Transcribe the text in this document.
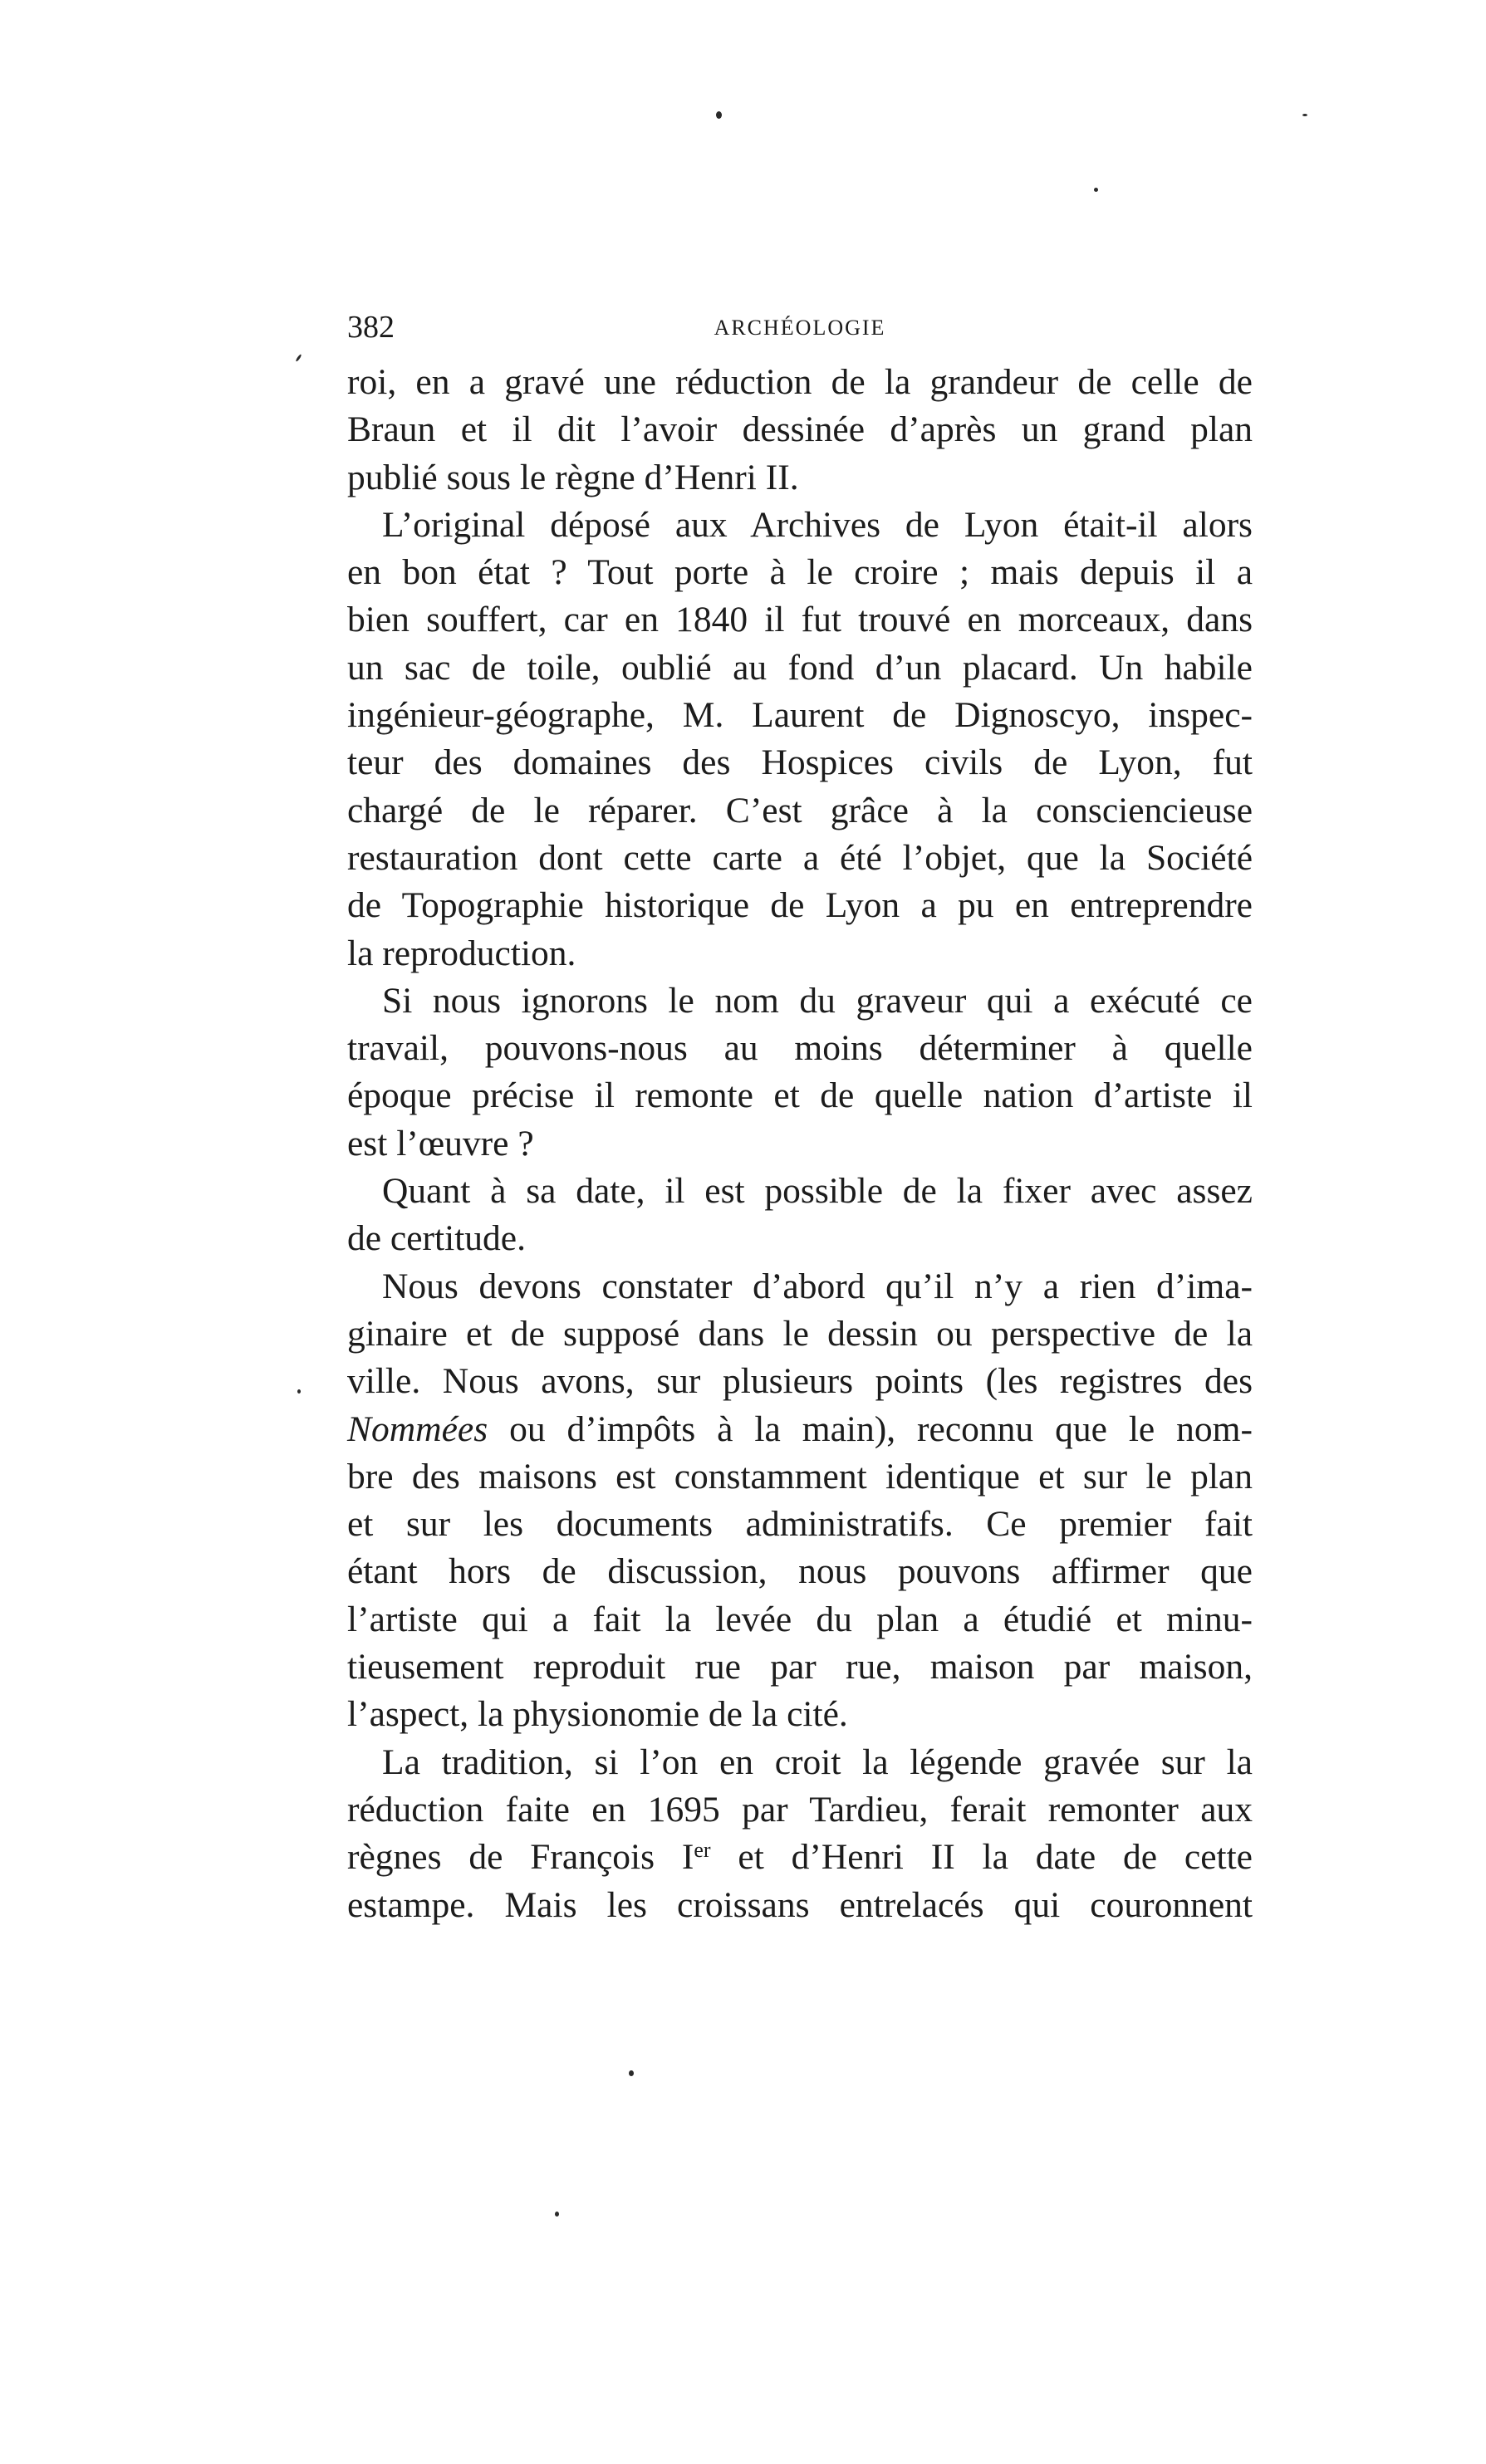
382	ARCHÉOLOGIE
roi, en a gravé une réduction de la grandeur de celle de
Braun et il dit l’avoir dessinée d’après un grand plan
publié sous le règne d’Henri II.
L’original déposé aux Archives de Lyon était-il alors
en bon état ? Tout porte à le croire ; mais depuis il a
bien souffert, car en 1840 il fut trouvé en morceaux, dans
un sac de toile, oublié au fond d’un placard. Un habile
ingénieur-géographe, M. Laurent de Dignoscyo, inspec-
teur des domaines des Hospices civils de Lyon, fut
chargé de le réparer. C’est grâce à la consciencieuse
restauration dont cette carte a été l’objet, que la Société
de Topographie historique de Lyon a pu en entreprendre
la reproduction.
Si nous ignorons le nom du graveur qui a exécuté ce
travail, pouvons-nous au moins déterminer à quelle
époque précise il remonte et de quelle nation d’artiste il
est l’œuvre ?
Quant à sa date, il est possible de la fixer avec assez
de certitude.
Nous devons constater d’abord qu’il n’y a rien d’ima-
ginaire et de supposé dans le dessin ou perspective de la
ville. Nous avons, sur plusieurs points (les registres des
Nommées ou d’impôts à la main), reconnu que le nom-
bre des maisons est constamment identique et sur le plan
et sur les documents administratifs. Ce premier fait
étant hors de discussion, nous pouvons affirmer que
l’artiste qui a fait la levée du plan a étudié et minu-
tieusement reproduit rue par rue, maison par maison,
l’aspect, la physionomie de la cité.
La tradition, si l’on en croit la légende gravée sur la
réduction faite en 1695 par Tardieu, ferait remonter aux
règnes de François Ier et d’Henri II la date de cette
estampe. Mais les croissans entrelacés qui couronnent
